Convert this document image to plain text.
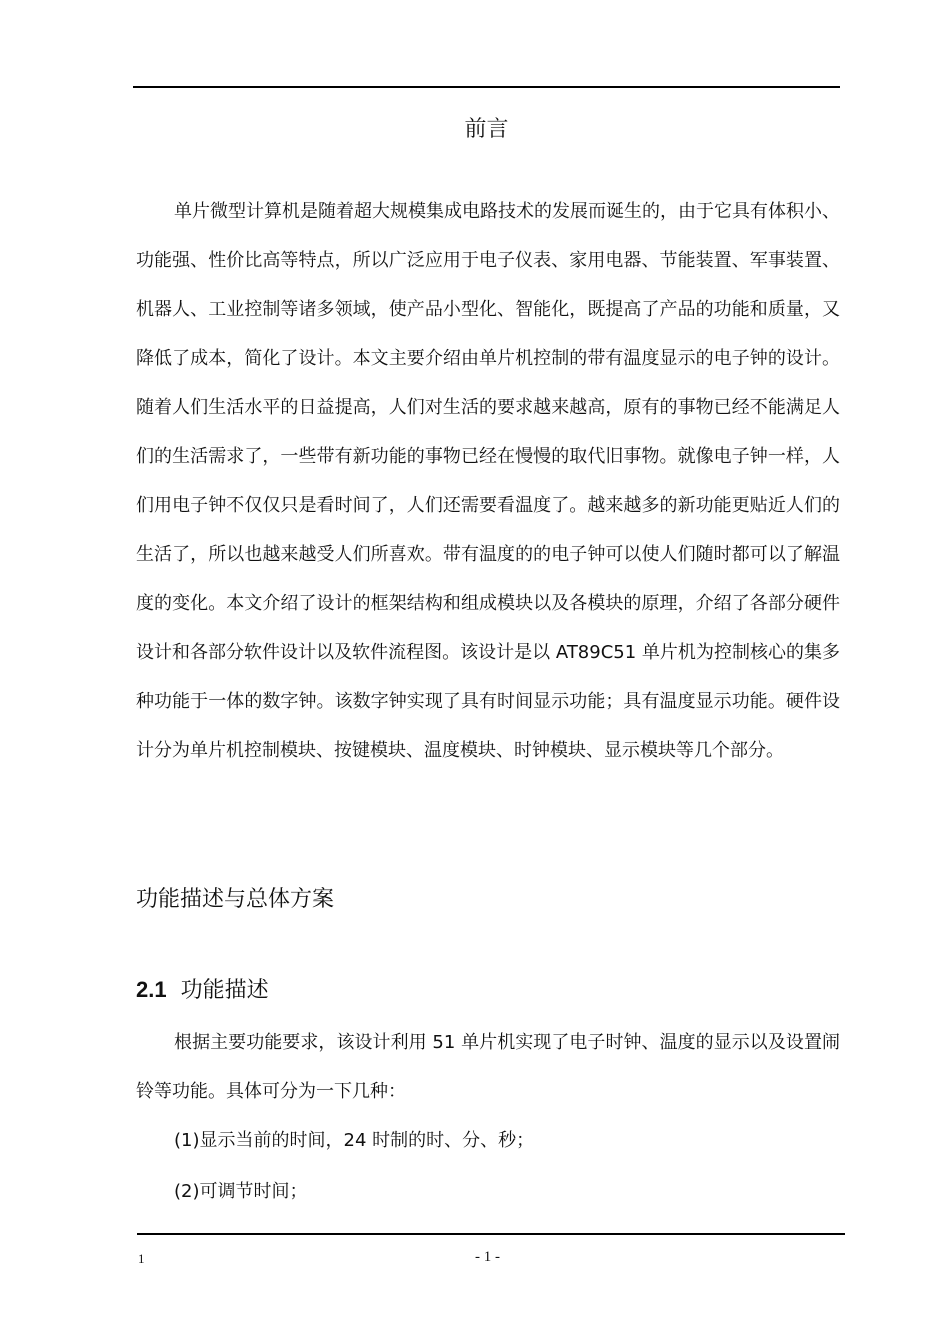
前言

单片微型计算机是随着超大规模集成电路技术的发展而诞生的，由于它具有体积小、功能强、性价比高等特点，所以广泛应用于电子仪表、家用电器、节能装置、军事装置、机器人、工业控制等诸多领域，使产品小型化、智能化，既提高了产品的功能和质量，又降低了成本，简化了设计。本文主要介绍由单片机控制的带有温度显示的电子钟的设计。随着人们生活水平的日益提高，人们对生活的要求越来越高，原有的事物已经不能满足人们的生活需求了，一些带有新功能的事物已经在慢慢的取代旧事物。就像电子钟一样，人们用电子钟不仅仅只是看时间了，人们还需要看温度了。越来越多的新功能更贴近人们的生活了，所以也越来越受人们所喜欢。带有温度的的电子钟可以使人们随时都可以了解温度的变化。本文介绍了设计的框架结构和组成模块以及各模块的原理，介绍了各部分硬件设计和各部分软件设计以及软件流程图。该设计是以 AT89C51 单片机为控制核心的集多种功能于一体的数字钟。该数字钟实现了具有时间显示功能；具有温度显示功能。硬件设计分为单片机控制模块、按键模块、温度模块、时钟模块、显示模块等几个部分。

功能描述与总体方案
2.1 功能描述

根据主要功能要求，该设计利用 51 单片机实现了电子时钟、温度的显示以及设置闹铃等功能。具体可分为一下几种：

(1)显示当前的时间，24 时制的时、分、秒；
(2)可调节时间；
1	- 1 -
